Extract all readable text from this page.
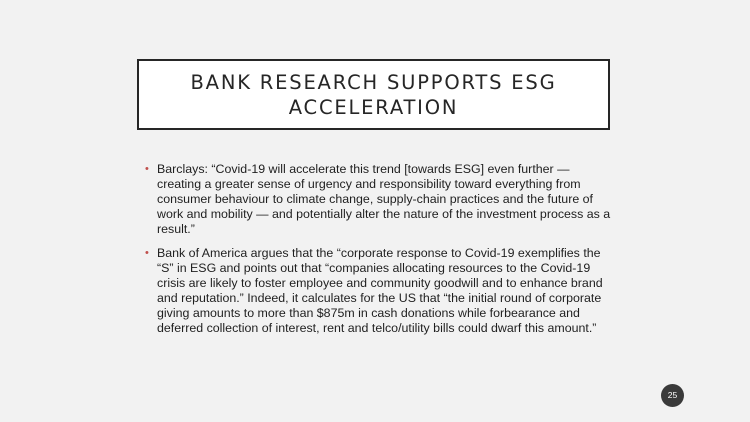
BANK RESEARCH SUPPORTS ESG ACCELERATION
• Barclays: “Covid-19 will accelerate this trend [towards ESG] even further — creating a greater sense of urgency and responsibility toward everything from consumer behaviour to climate change, supply-chain practices and the future of work and mobility — and potentially alter the nature of the investment process as a result.”
• Bank of America argues that the “corporate response to Covid-19 exemplifies the “S” in ESG and points out that “companies allocating resources to the Covid-19 crisis are likely to foster employee and community goodwill and to enhance brand and reputation.” Indeed, it calculates for the US that “the initial round of corporate giving amounts to more than $875m in cash donations while forbearance and deferred collection of interest, rent and telco/utility bills could dwarf this amount.”
25
